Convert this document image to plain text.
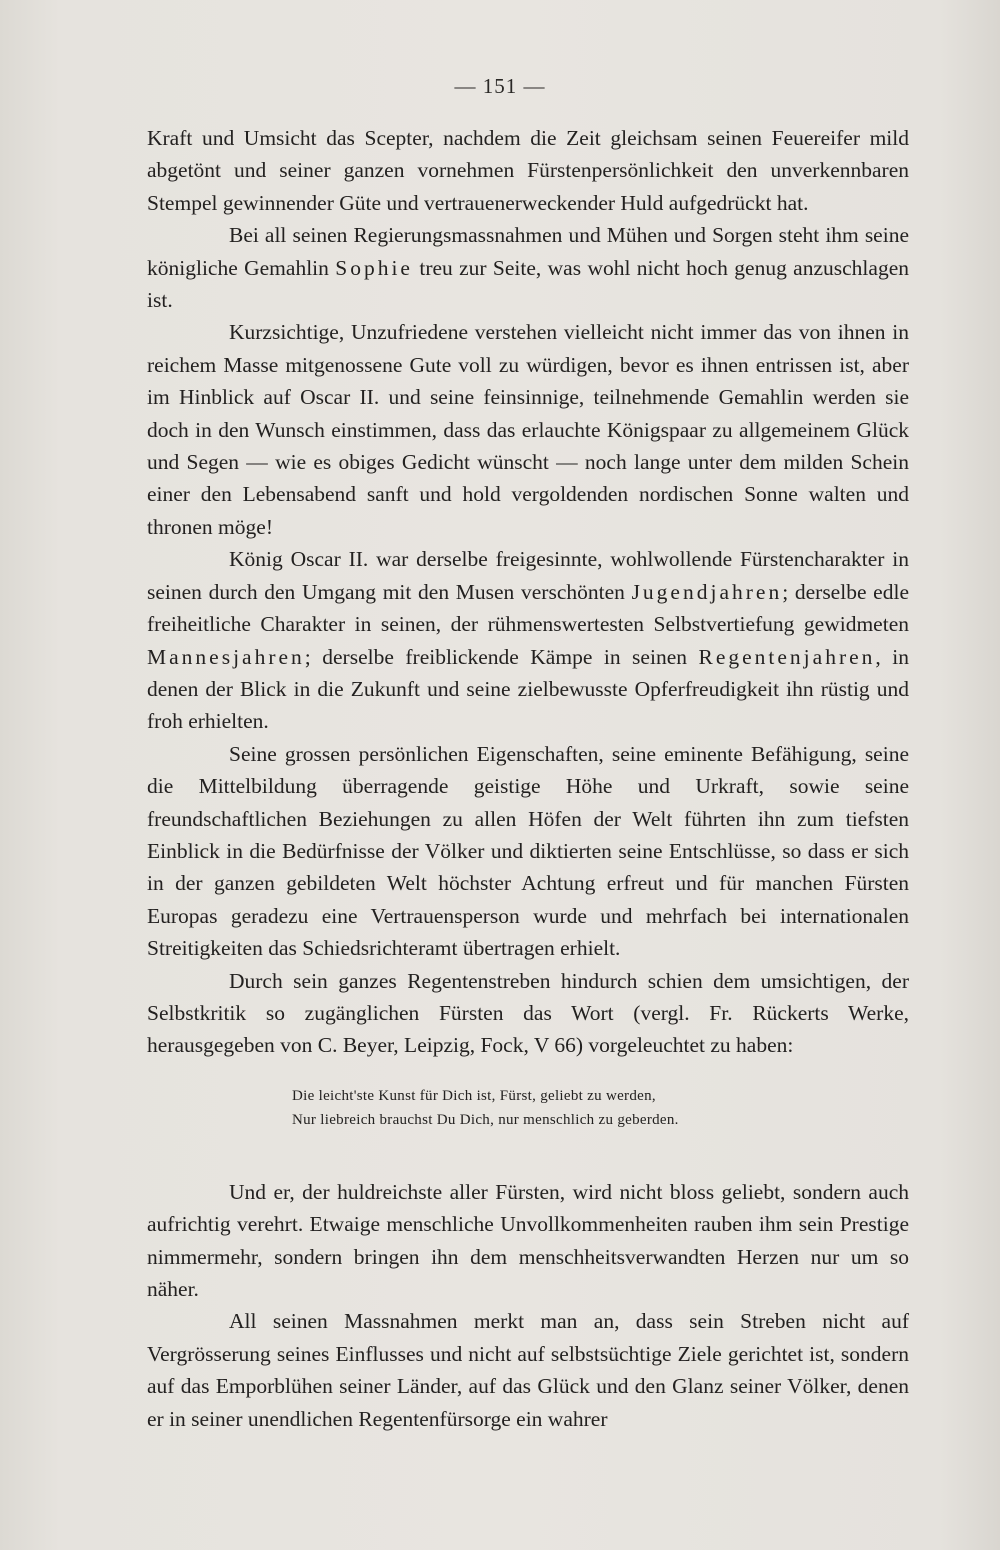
— 151 —

Kraft und Umsicht das Scepter, nachdem die Zeit gleichsam seinen Feuereifer mild abgetönt und seiner ganzen vornehmen Fürstenpersönlichkeit den unverkennbaren Stempel gewinnender Güte und vertrauenerweckender Huld aufgedrückt hat.

Bei all seinen Regierungsmassnahmen und Mühen und Sorgen steht ihm seine königliche Gemahlin Sophie treu zur Seite, was wohl nicht hoch genug anzuschlagen ist.

Kurzsichtige, Unzufriedene verstehen vielleicht nicht immer das von ihnen in reichem Masse mitgenossene Gute voll zu würdigen, bevor es ihnen entrissen ist, aber im Hinblick auf Oscar II. und seine feinsinnige, teilnehmende Gemahlin werden sie doch in den Wunsch einstimmen, dass das erlauchte Königspaar zu allgemeinem Glück und Segen — wie es obiges Gedicht wünscht — noch lange unter dem milden Schein einer den Lebensabend sanft und hold vergoldenden nordischen Sonne walten und thronen möge!

König Oscar II. war derselbe freigesinnte, wohlwollende Fürstencharakter in seinen durch den Umgang mit den Musen verschönten Jugendjahren; derselbe edle freiheitliche Charakter in seinen, der rühmenswertesten Selbstvertiefung gewidmeten Mannesjahren; derselbe freiblickende Kämpe in seinen Regentenjahren, in denen der Blick in die Zukunft und seine zielbewusste Opferfreudigkeit ihn rüstig und froh erhielten.

Seine grossen persönlichen Eigenschaften, seine eminente Befähigung, seine die Mittelbildung überragende geistige Höhe und Urkraft, sowie seine freundschaftlichen Beziehungen zu allen Höfen der Welt führten ihn zum tiefsten Einblick in die Bedürfnisse der Völker und diktierten seine Entschlüsse, so dass er sich in der ganzen gebildeten Welt höchster Achtung erfreut und für manchen Fürsten Europas geradezu eine Vertrauensperson wurde und mehrfach bei internationalen Streitigkeiten das Schiedsrichteramt übertragen erhielt.

Durch sein ganzes Regentenstreben hindurch schien dem umsichtigen, der Selbstkritik so zugänglichen Fürsten das Wort (vergl. Fr. Rückerts Werke, herausgegeben von C. Beyer, Leipzig, Fock, V 66) vorgeleuchtet zu haben:

Die leicht'ste Kunst für Dich ist, Fürst, geliebt zu werden,
Nur liebreich brauchst Du Dich, nur menschlich zu geberden.

Und er, der huldreichste aller Fürsten, wird nicht bloss geliebt, sondern auch aufrichtig verehrt. Etwaige menschliche Unvollkommenheiten rauben ihm sein Prestige nimmermehr, sondern bringen ihn dem menschheitsverwandten Herzen nur um so näher.

All seinen Massnahmen merkt man an, dass sein Streben nicht auf Vergrösserung seines Einflusses und nicht auf selbstsüchtige Ziele gerichtet ist, sondern auf das Emporblühen seiner Länder, auf das Glück und den Glanz seiner Völker, denen er in seiner unendlichen Regentenfürsorge ein wahrer
